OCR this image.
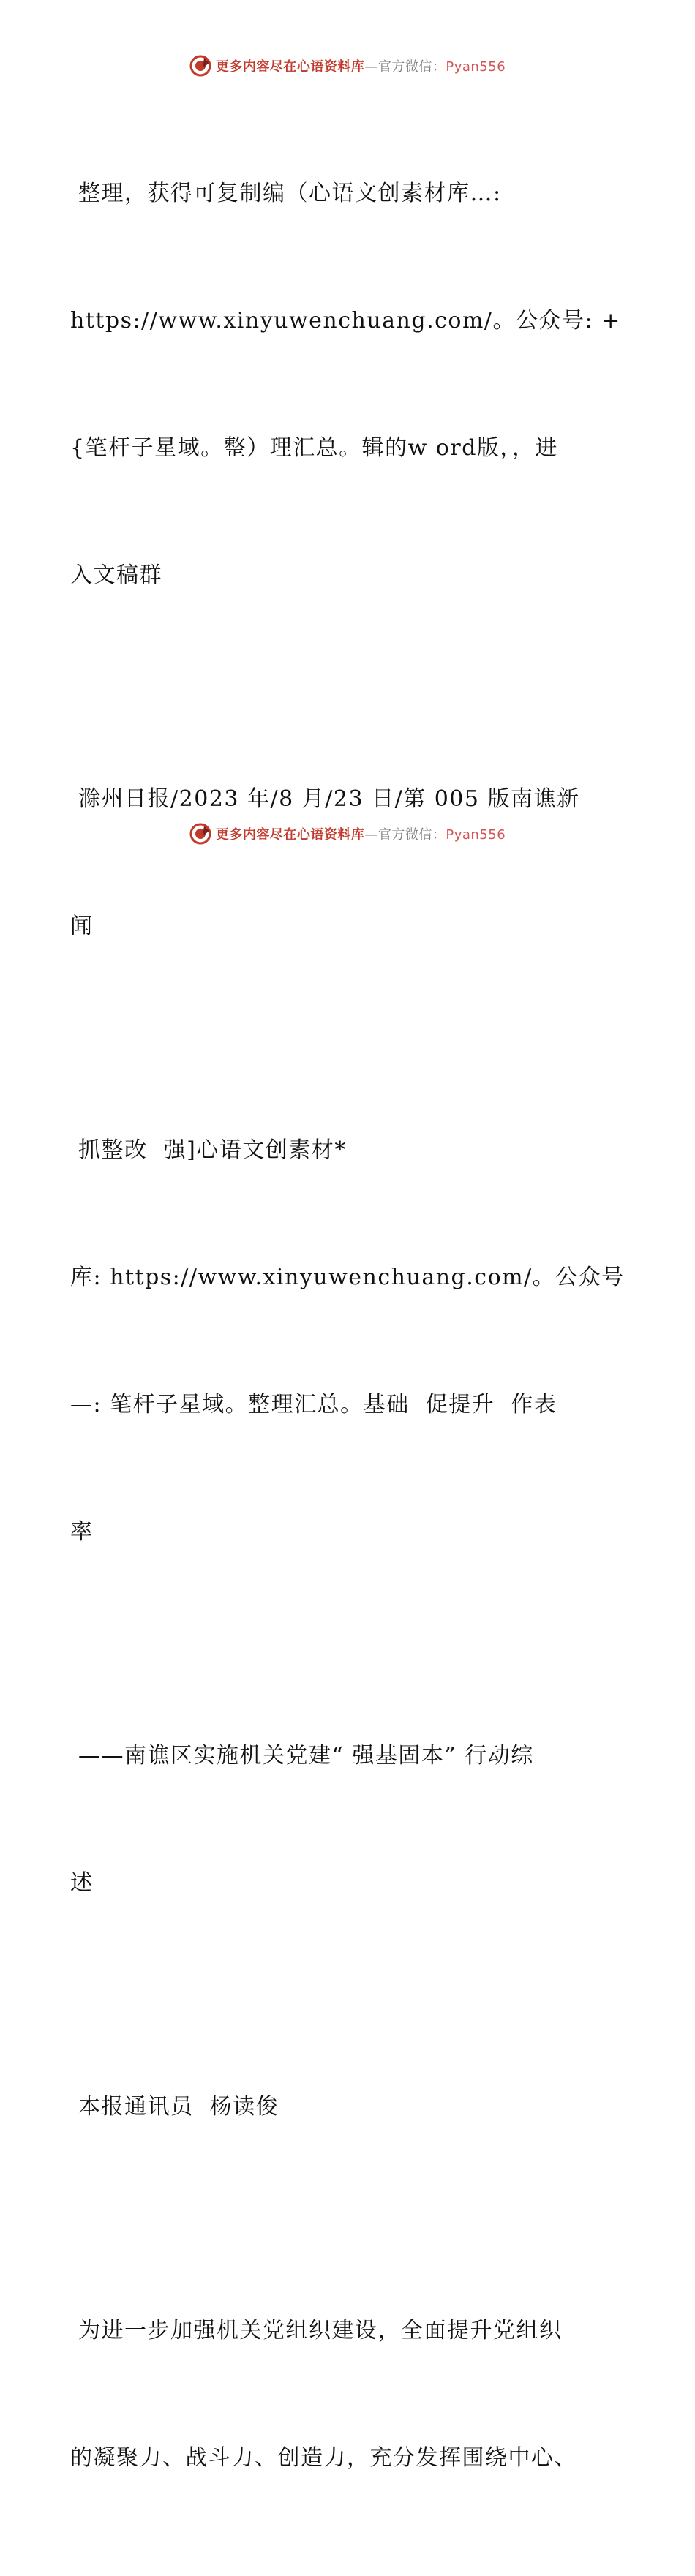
更多内容尽在心语资料库—官方微信：Pyan556

整理，获得可复制编（心语文创素材库…:

https://www.xinyuwenchuang.com/。公众号: +

{笔杆子星域。整）理汇总。辑的w ord版，，进

入文稿群

滁州日报/2023 年/8 月/23 日/第 005 版南谯新

闻

抓整改  强]心语文创素材*

库: https://www.xinyuwenchuang.com/。公众号

—: 笔杆子星域。整理汇总。基础  促提升  作表

率

——南谯区实施机关党建“ 强基固本” 行动综

述

本报通讯员  杨读俊

为进一步加强机关党组织建设，全面提升党组织

的凝聚力、战斗力、创造力，充分发挥围绕中心、

更多内容尽在心语资料库—官方微信：Pyan556
